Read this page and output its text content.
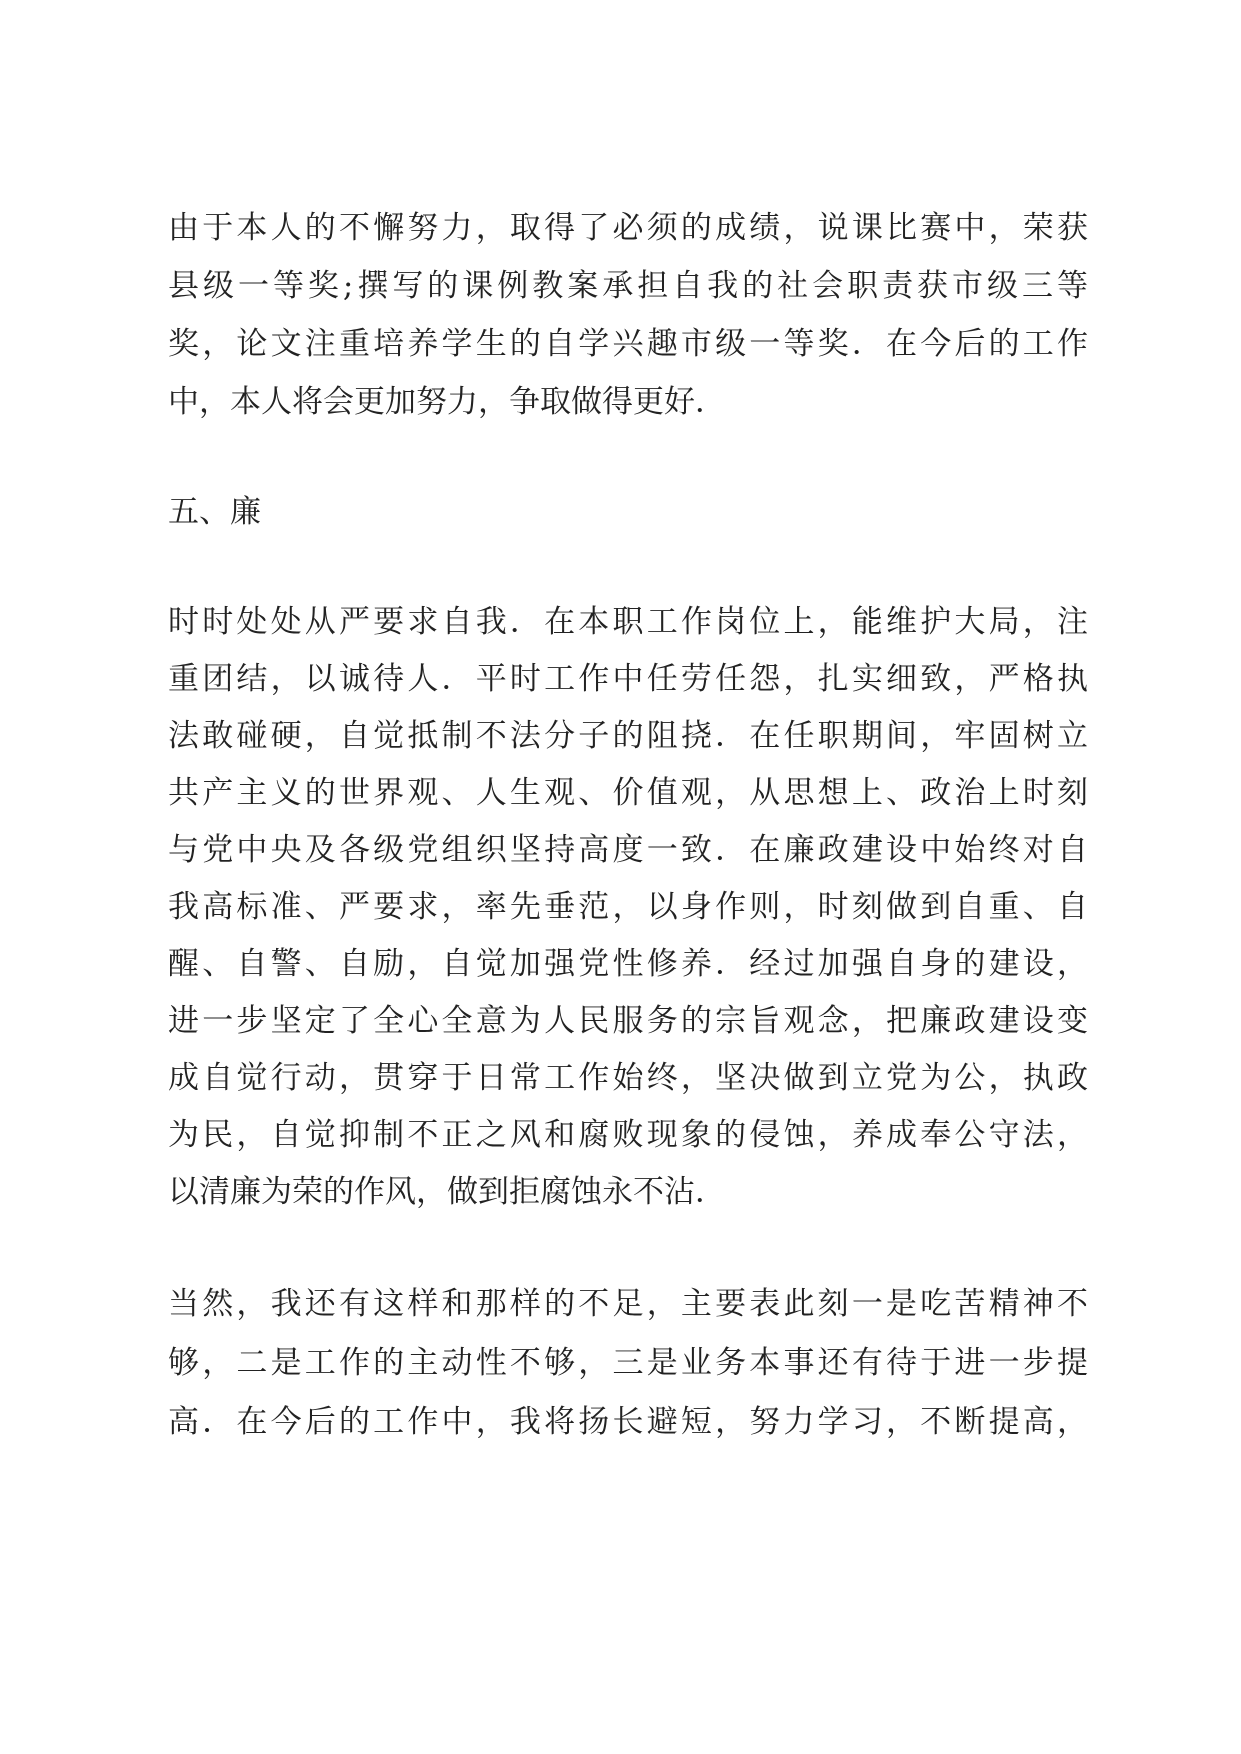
由于本人的不懈努力，取得了必须的成绩，说课比赛中，荣获
县级一等奖;撰写的课例教案承担自我的社会职责获市级三等
奖，论文注重培养学生的自学兴趣市级一等奖．在今后的工作
中，本人将会更加努力，争取做得更好．
五、廉
时时处处从严要求自我．在本职工作岗位上，能维护大局，注
重团结，以诚待人．平时工作中任劳任怨，扎实细致，严格执
法敢碰硬，自觉抵制不法分子的阻挠．在任职期间，牢固树立
共产主义的世界观、人生观、价值观，从思想上、政治上时刻
与党中央及各级党组织坚持高度一致．在廉政建设中始终对自
我高标准、严要求，率先垂范，以身作则，时刻做到自重、自
醒、自警、自励，自觉加强党性修养．经过加强自身的建设，
进一步坚定了全心全意为人民服务的宗旨观念，把廉政建设变
成自觉行动，贯穿于日常工作始终，坚决做到立党为公，执政
为民，自觉抑制不正之风和腐败现象的侵蚀，养成奉公守法，
以清廉为荣的作风，做到拒腐蚀永不沾．
当然，我还有这样和那样的不足，主要表此刻一是吃苦精神不
够，二是工作的主动性不够，三是业务本事还有待于进一步提
高．在今后的工作中，我将扬长避短，努力学习，不断提高，
